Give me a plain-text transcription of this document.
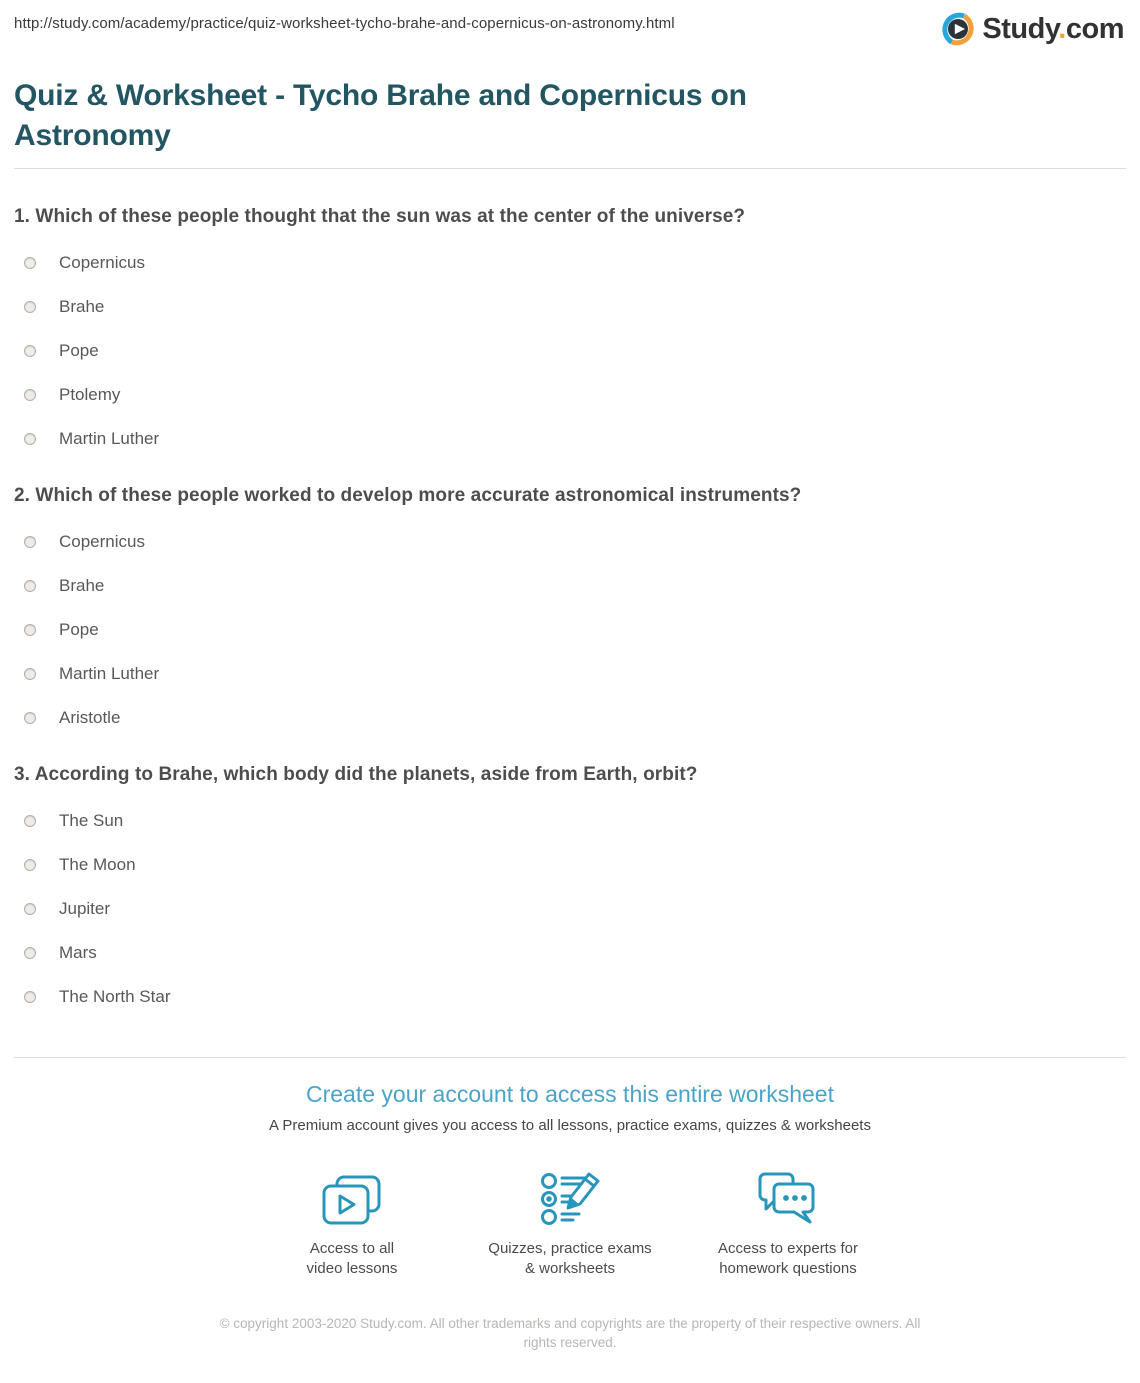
http://study.com/academy/practice/quiz-worksheet-tycho-brahe-and-copernicus-on-astronomy.html	Study.com
Quiz & Worksheet - Tycho Brahe and Copernicus on Astronomy
1. Which of these people thought that the sun was at the center of the universe?
Copernicus
Brahe
Pope
Ptolemy
Martin Luther
2. Which of these people worked to develop more accurate astronomical instruments?
Copernicus
Brahe
Pope
Martin Luther
Aristotle
3. According to Brahe, which body did the planets, aside from Earth, orbit?
The Sun
The Moon
Jupiter
Mars
The North Star
Create your account to access this entire worksheet

A Premium account gives you access to all lessons, practice exams, quizzes & worksheets

Access to all
video lessons
Quizzes, practice exams
& worksheets
Access to experts for
homework questions

© copyright 2003-2020 Study.com. All other trademarks and copyrights are the property of their respective owners. All rights reserved.
